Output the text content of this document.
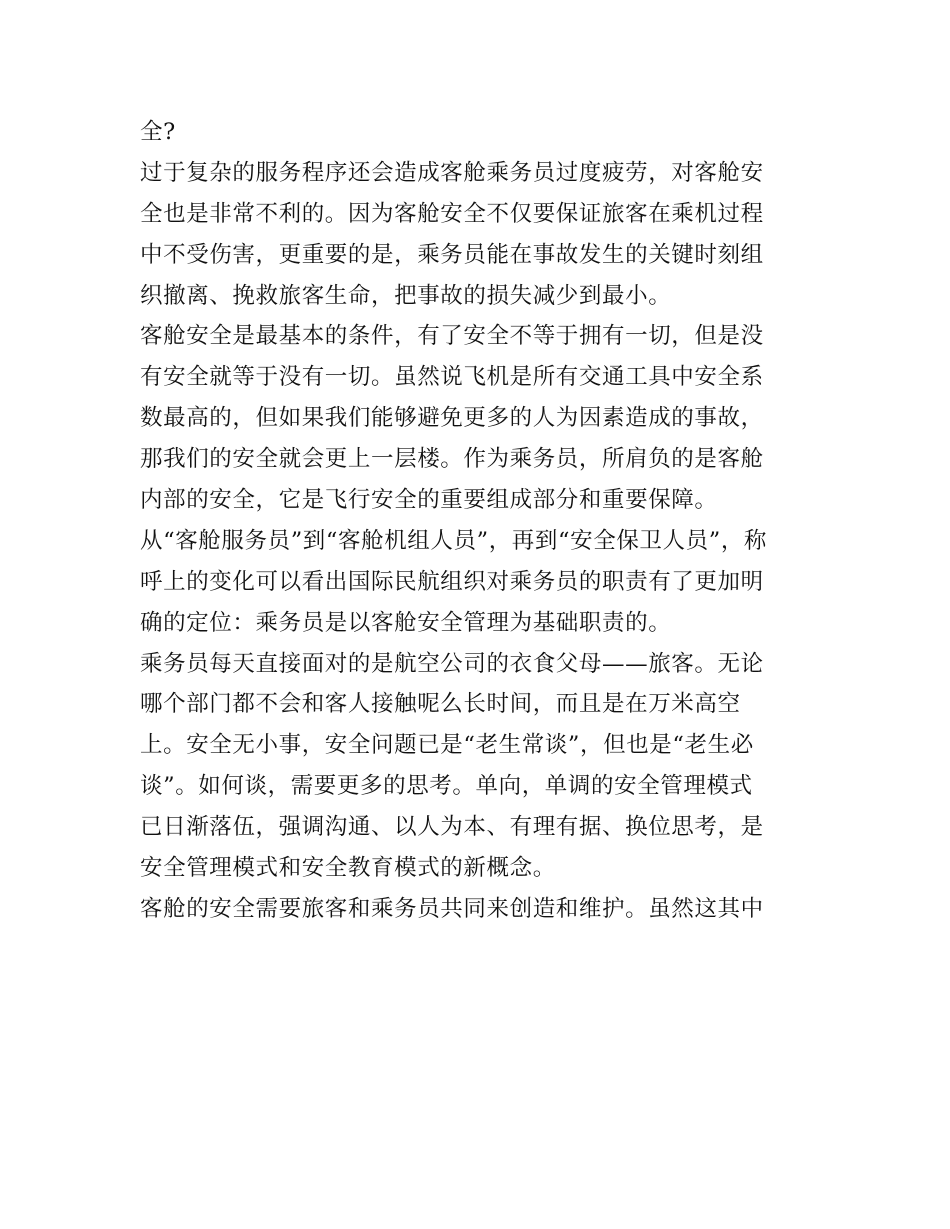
全?
过于复杂的服务程序还会造成客舱乘务员过度疲劳，对客舱安
全也是非常不利的。因为客舱安全不仅要保证旅客在乘机过程
中不受伤害，更重要的是，乘务员能在事故发生的关键时刻组
织撤离、挽救旅客生命，把事故的损失减少到最小。
客舱安全是最基本的条件，有了安全不等于拥有一切，但是没
有安全就等于没有一切。虽然说飞机是所有交通工具中安全系
数最高的，但如果我们能够避免更多的人为因素造成的事故，
那我们的安全就会更上一层楼。作为乘务员，所肩负的是客舱
内部的安全，它是飞行安全的重要组成部分和重要保障。
从“客舱服务员”到“客舱机组人员”，再到“安全保卫人员”，称
呼上的变化可以看出国际民航组织对乘务员的职责有了更加明
确的定位：乘务员是以客舱安全管理为基础职责的。
乘务员每天直接面对的是航空公司的衣食父母——旅客。无论
哪个部门都不会和客人接触呢么长时间，而且是在万米高空
上。安全无小事，安全问题已是“老生常谈”，但也是“老生必
谈”。如何谈，需要更多的思考。单向，单调的安全管理模式
已日渐落伍，强调沟通、以人为本、有理有据、换位思考，是
安全管理模式和安全教育模式的新概念。
客舱的安全需要旅客和乘务员共同来创造和维护。虽然这其中
